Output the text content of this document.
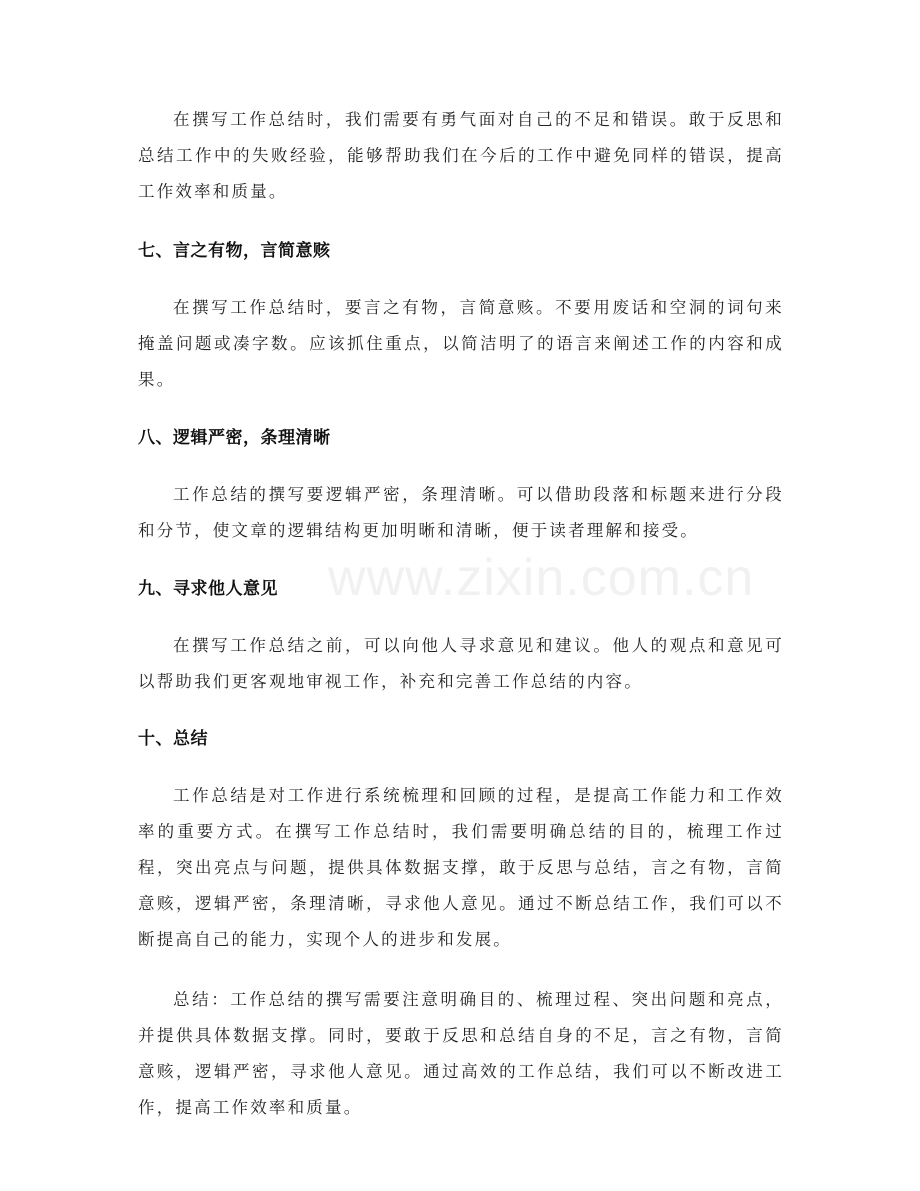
在撰写工作总结时，我们需要有勇气面对自己的不足和错误。敢于反思和总结工作中的失败经验，能够帮助我们在今后的工作中避免同样的错误，提高工作效率和质量。

七、言之有物，言简意赅

在撰写工作总结时，要言之有物，言简意赅。不要用废话和空洞的词句来掩盖问题或凑字数。应该抓住重点，以简洁明了的语言来阐述工作的内容和成果。

八、逻辑严密，条理清晰

工作总结的撰写要逻辑严密，条理清晰。可以借助段落和标题来进行分段和分节，使文章的逻辑结构更加明晰和清晰，便于读者理解和接受。

九、寻求他人意见

在撰写工作总结之前，可以向他人寻求意见和建议。他人的观点和意见可以帮助我们更客观地审视工作，补充和完善工作总结的内容。

十、总结

工作总结是对工作进行系统梳理和回顾的过程，是提高工作能力和工作效率的重要方式。在撰写工作总结时，我们需要明确总结的目的，梳理工作过程，突出亮点与问题，提供具体数据支撑，敢于反思与总结，言之有物，言简意赅，逻辑严密，条理清晰，寻求他人意见。通过不断总结工作，我们可以不断提高自己的能力，实现个人的进步和发展。

总结：工作总结的撰写需要注意明确目的、梳理过程、突出问题和亮点，并提供具体数据支撑。同时，要敢于反思和总结自身的不足，言之有物，言简意赅，逻辑严密，寻求他人意见。通过高效的工作总结，我们可以不断改进工作，提高工作效率和质量。

www.zixin.com.cn
